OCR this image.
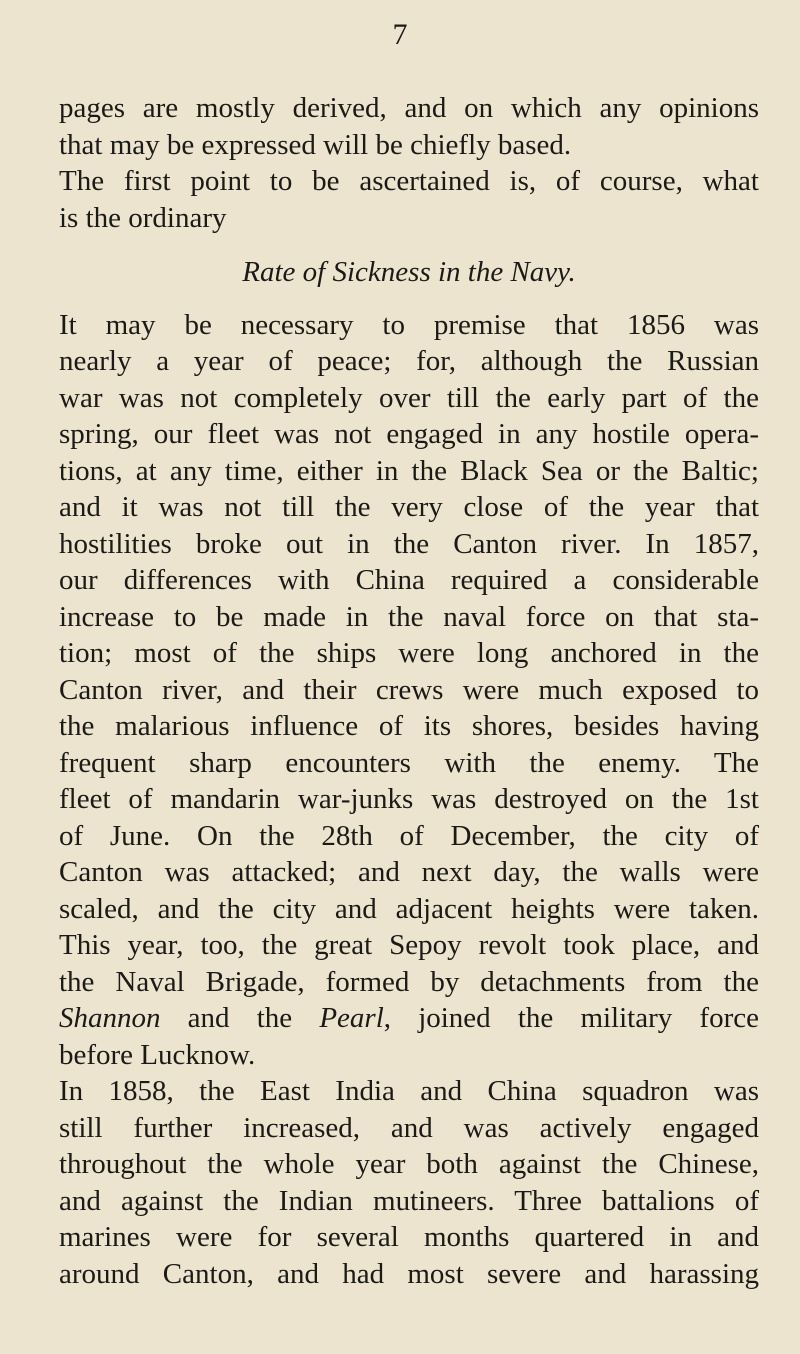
7
pages are mostly derived, and on which any opinions
that may be expressed will be chiefly based.
The first point to be ascertained is, of course, what
is the ordinary
Rate of Sickness in the Navy.
It may be necessary to premise that 1856 was
nearly a year of peace; for, although the Russian
war was not completely over till the early part of the
spring, our fleet was not engaged in any hostile opera-
tions, at any time, either in the Black Sea or the Baltic;
and it was not till the very close of the year that
hostilities broke out in the Canton river. In 1857,
our differences with China required a considerable
increase to be made in the naval force on that sta-
tion; most of the ships were long anchored in the
Canton river, and their crews were much exposed to
the malarious influence of its shores, besides having
frequent sharp encounters with the enemy. The
fleet of mandarin war-junks was destroyed on the 1st
of June. On the 28th of December, the city of
Canton was attacked; and next day, the walls were
scaled, and the city and adjacent heights were taken.
This year, too, the great Sepoy revolt took place, and
the Naval Brigade, formed by detachments from the
Shannon and the Pearl, joined the military force
before Lucknow.
In 1858, the East India and China squadron was
still further increased, and was actively engaged
throughout the whole year both against the Chinese,
and against the Indian mutineers. Three battalions of
marines were for several months quartered in and
around Canton, and had most severe and harassing
